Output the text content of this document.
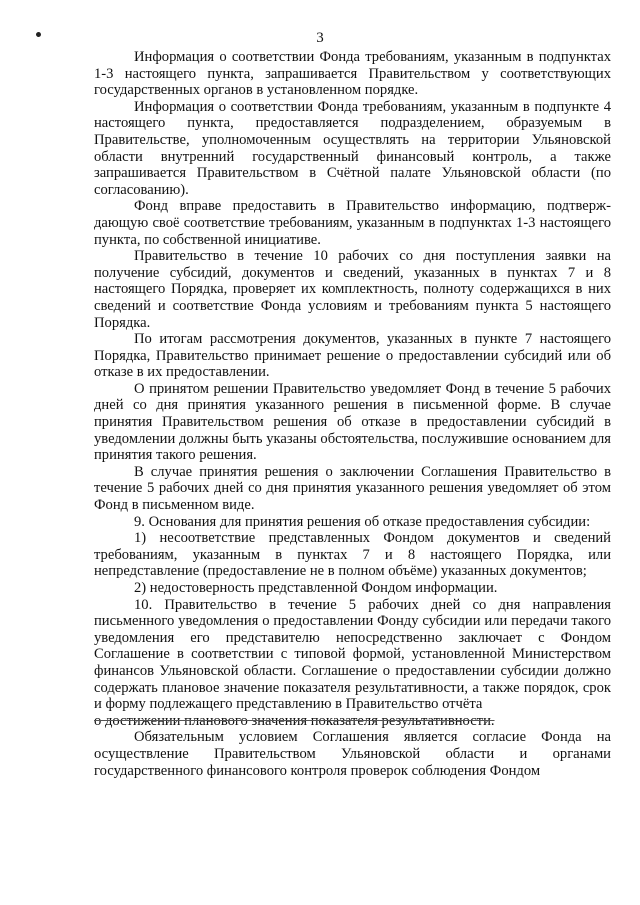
3

Информация о соответствии Фонда требованиям, указанным в подпунктах 1-3 настоящего пункта, запрашивается Правительством у соответствующих государственных органов в установленном порядке.

Информация о соответствии Фонда требованиям, указанным в подпункте 4 настоящего пункта, предоставляется подразделением, образуемым в Правительстве, уполномоченным осуществлять на территории Ульяновской области внутренний государственный финансовый контроль, а также запрашивается Правительством в Счётной палате Ульяновской области (по согласованию).

Фонд вправе предоставить в Правительство информацию, подтверж-дающую своё соответствие требованиям, указанным в подпунктах 1-3 настоящего пункта, по собственной инициативе.

Правительство в течение 10 рабочих со дня поступления заявки на получение субсидий, документов и сведений, указанных в пунктах 7 и 8 настоящего Порядка, проверяет их комплектность, полноту содержащихся в них сведений и соответствие Фонда условиям и требованиям пункта 5 настоящего Порядка.

По итогам рассмотрения документов, указанных в пункте 7 настоящего Порядка, Правительство принимает решение о предоставлении субсидий или об отказе в их предоставлении.

О принятом решении Правительство уведомляет Фонд в течение 5 рабочих дней со дня принятия указанного решения в письменной форме. В случае принятия Правительством решения об отказе в предоставлении субсидий в уведомлении должны быть указаны обстоятельства, послужившие основанием для принятия такого решения.

В случае принятия решения о заключении Соглашения Правительство в течение 5 рабочих дней со дня принятия указанного решения уведомляет об этом Фонд в письменном виде.

9. Основания для принятия решения об отказе предоставления субсидии:

1) несоответствие представленных Фондом документов и сведений требованиям, указанным в пунктах 7 и 8 настоящего Порядка, или непредставление (предоставление не в полном объёме) указанных документов;

2) недостоверность представленной Фондом информации.

10. Правительство в течение 5 рабочих дней со дня направления письменного уведомления о предоставлении Фонду субсидии или передачи такого уведомления его представителю непосредственно заключает с Фондом Соглашение в соответствии с типовой формой, установленной Министерством финансов Ульяновской области. Соглашение о предоставлении субсидии должно содержать плановое значение показателя результативности, а также порядок, срок и форму подлежащего представлению в Правительство отчёта

о достижении планового значения показателя результативности.

Обязательным условием Соглашения является согласие Фонда на осуществление Правительством Ульяновской области и органами государственного финансового контроля проверок соблюдения Фондом
